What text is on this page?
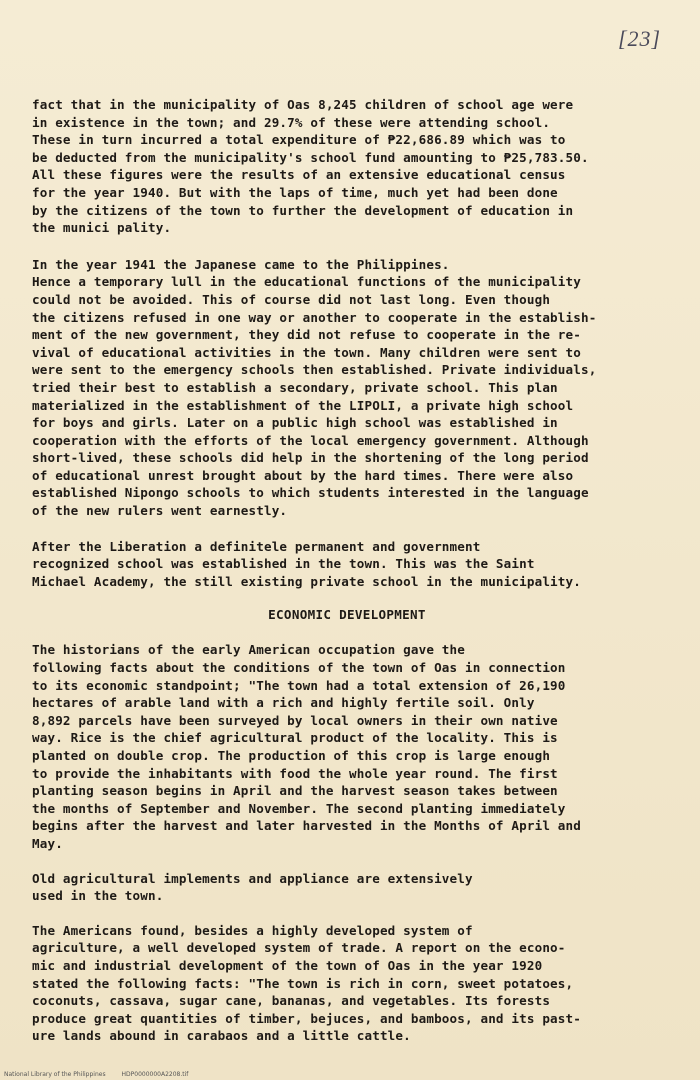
[23]

fact that in the municipality of Oas 8,245 children of school age were
in existence in the town; and 29.7% of these were attending school.
These in turn incurred a total expenditure of ₱22,686.89 which was to
be deducted from the municipality's school fund amounting to ₱25,783.50.
All these figures were the results of an extensive educational census
for the year 1940. But with the laps of time, much yet had been done
by the citizens of the town to further the development of education in
the munici pality.

In the year 1941 the Japanese came to the Philippines.
Hence a temporary lull in the educational functions of the municipality
could not be avoided. This of course did not last long. Even though
the citizens refused in one way or another to cooperate in the establish-
ment of the new government, they did not refuse to cooperate in the re-
vival of educational activities in the town. Many children were sent to
were sent to the emergency schools then established. Private individuals,
tried their best to establish a secondary, private school. This plan
materialized in the establishment of the LIPOLI, a private high school
for boys and girls. Later on a public high school was established in
cooperation with the efforts of the local emergency government. Although
short-lived, these schools did help in the shortening of the long period
of educational unrest brought about by the hard times. There were also
established Nipongo schools to which students interested in the language
of the new rulers went earnestly.

After the Liberation a definitele permanent and government
recognized school was established in the town. This was the Saint
Michael Academy, the still existing private school in the municipality.

ECONOMIC DEVELOPMENT

The historians of the early American occupation gave the
following facts about the conditions of the town of Oas in connection
to its economic standpoint; "The town had a total extension of 26,190
hectares of arable land with a rich and highly fertile soil. Only
8,892 parcels have been surveyed by local owners in their own native
way. Rice is the chief agricultural product of the locality. This is
planted on double crop. The production of this crop is large enough
to provide the inhabitants with food the whole year round. The first
planting season begins in April and the harvest season takes between
the months of September and November. The second planting immediately
begins after the harvest and later harvested in the Months of April and
May.

Old agricultural implements and appliance are extensively
used in the town.

The Americans found, besides a highly developed system of
agriculture, a well developed system of trade. A report on the econo-
mic and industrial development of the town of Oas in the year 1920
stated the following facts: "The town is rich in corn, sweet potatoes,
coconuts, cassava, sugar cane, bananas, and vegetables. Its forests
produce great quantities of timber, bejuces, and bamboos, and its past-
ure lands abound in carabaos and a little cattle.

National Library of the Philippines	HDP0000000A2208.tif
